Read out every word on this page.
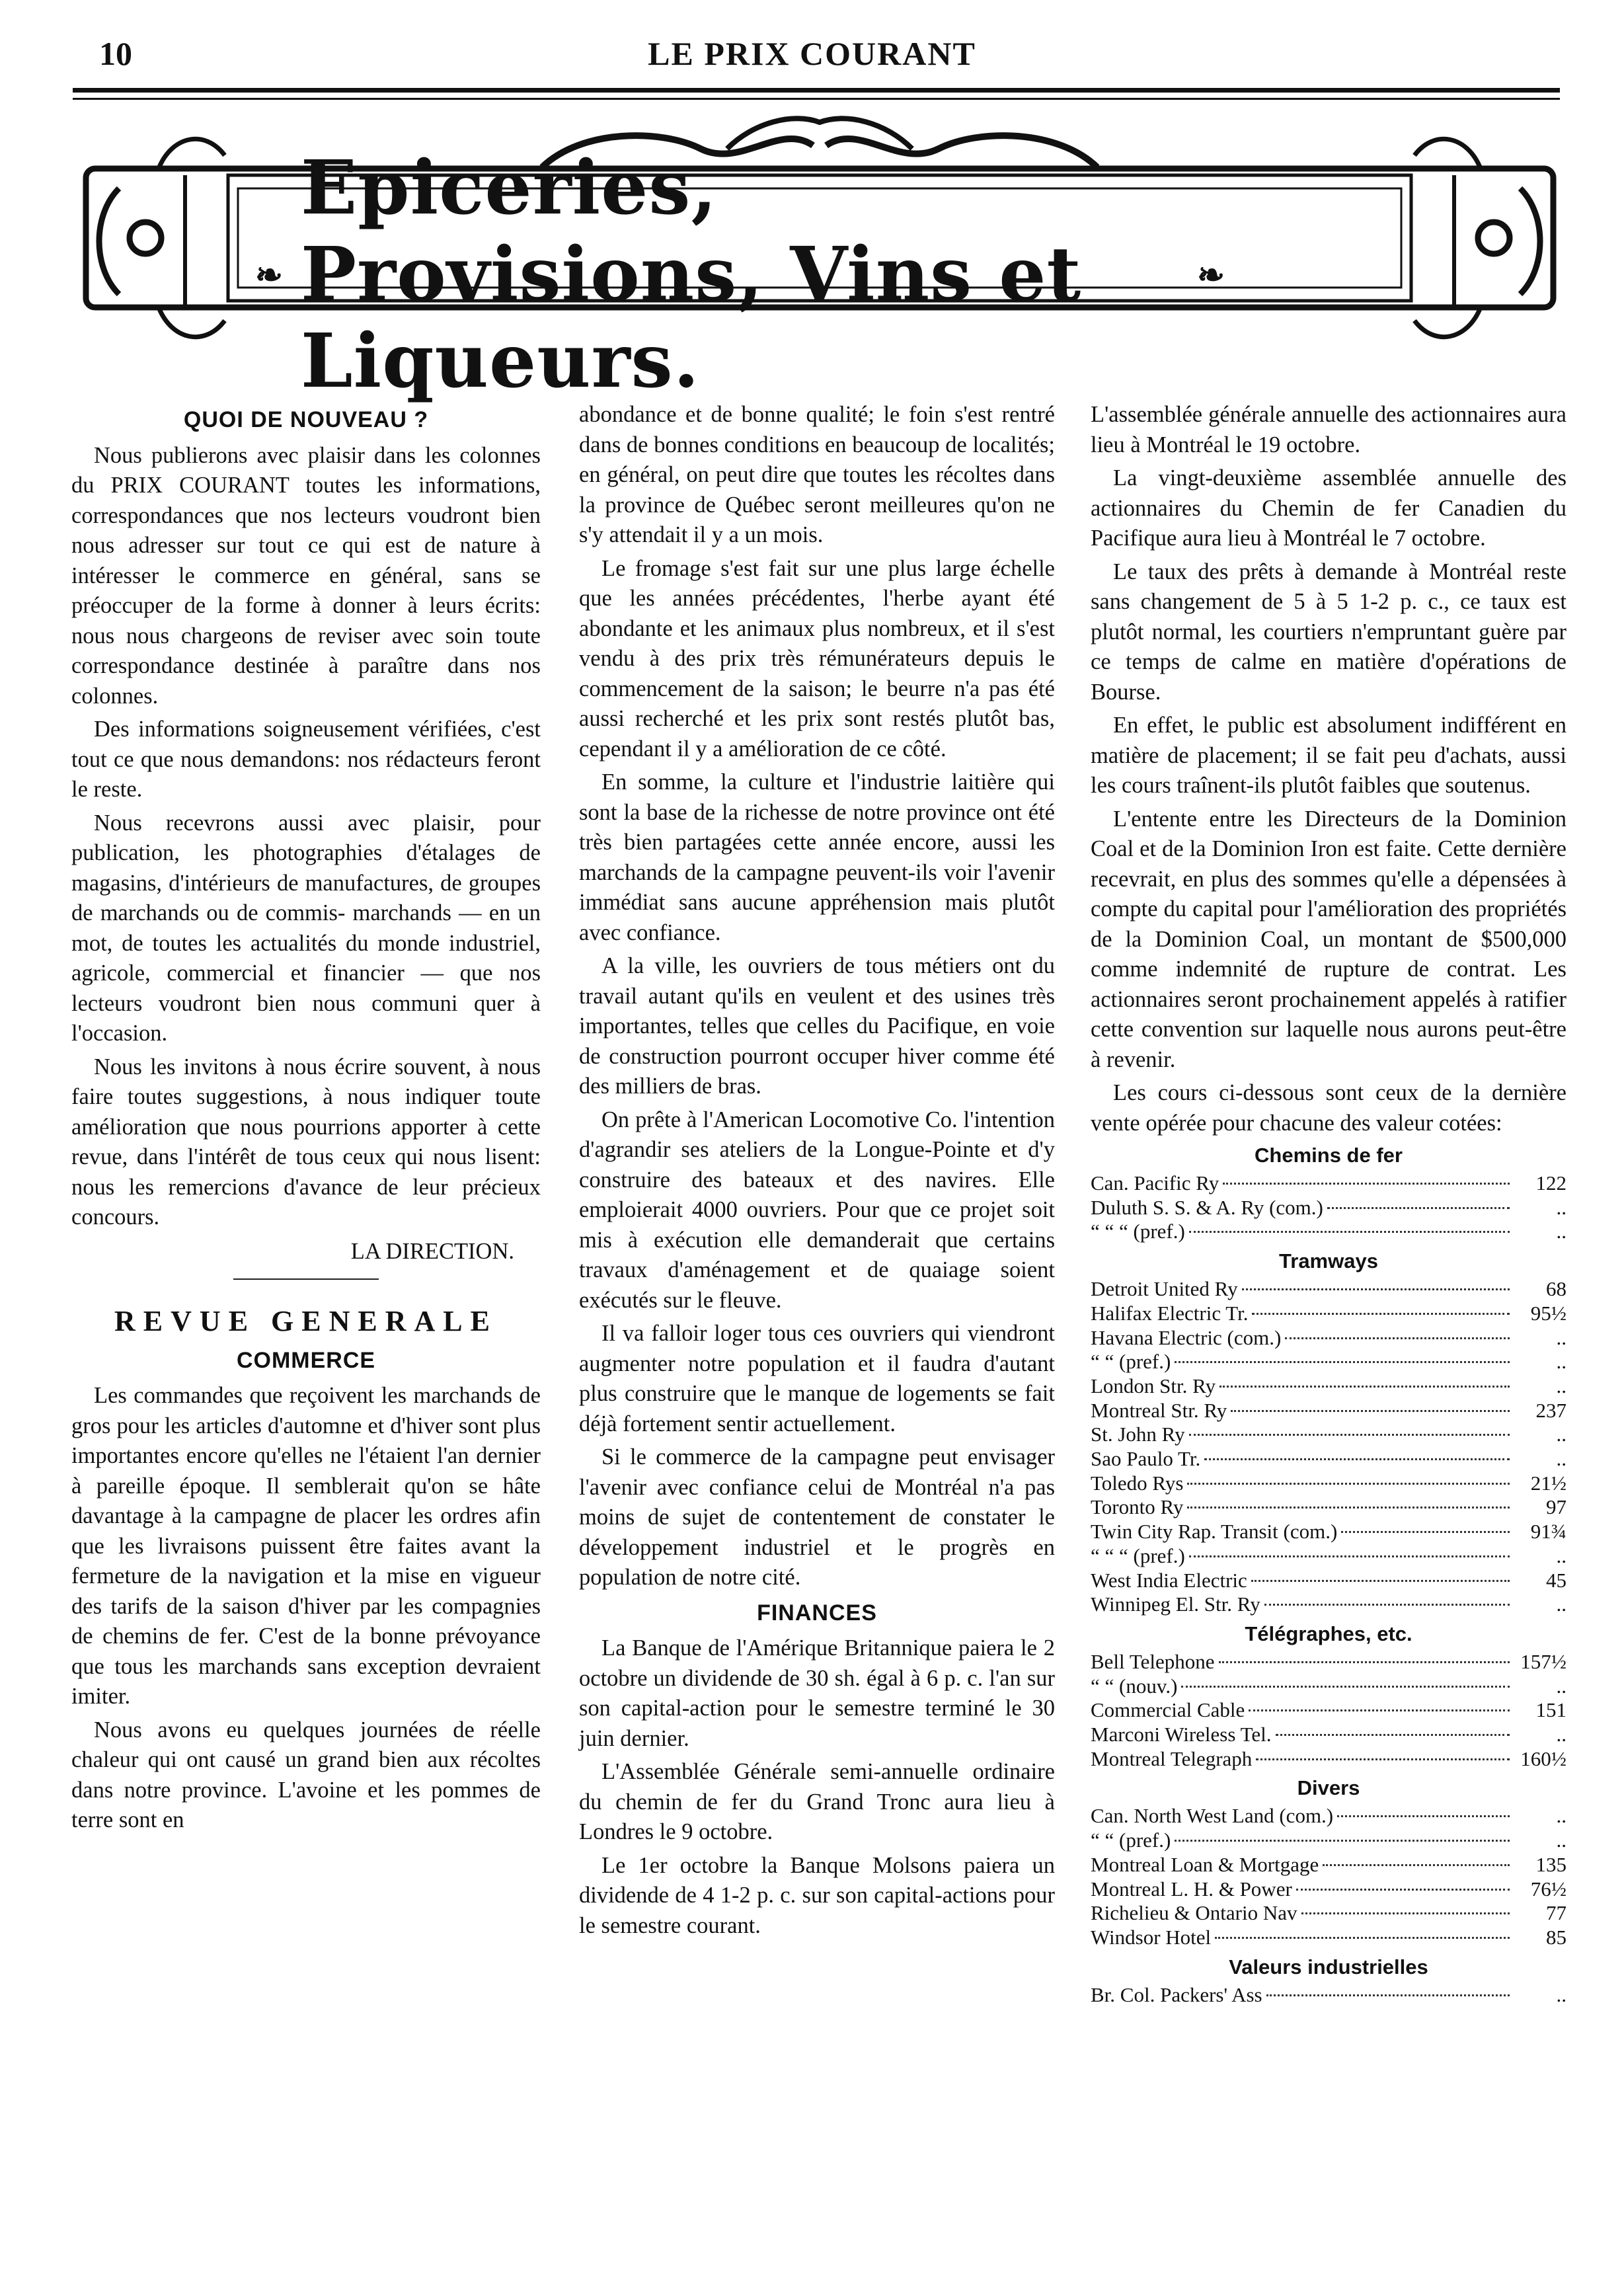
10	LE PRIX COURANT
❧
Epiceries, Provisions, Vins et Liqueurs.
❧
QUOI DE NOUVEAU ?

Nous publierons avec plaisir dans les colonnes du PRIX COURANT toutes les informations, correspondances que nos lecteurs voudront bien nous adresser sur tout ce qui est de nature à intéresser le commerce en général, sans se préoccuper de la forme à donner à leurs écrits: nous nous chargeons de reviser avec soin toute correspondance destinée à paraître dans nos colonnes.

Des informations soigneusement vérifiées, c'est tout ce que nous demandons: nos rédacteurs feront le reste.

Nous recevrons aussi avec plaisir, pour publication, les photographies d'étalages de magasins, d'intérieurs de manufactures, de groupes de marchands ou de commis- marchands — en un mot, de toutes les actualités du monde industriel, agricole, commercial et financier — que nos lecteurs voudront bien nous communi quer à l'occasion.

Nous les invitons à nous écrire souvent, à nous faire toutes suggestions, à nous indiquer toute amélioration que nous pourrions apporter à cette revue, dans l'intérêt de tous ceux qui nous lisent: nous les remercions d'avance de leur précieux concours.

LA DIRECTION.
REVUE GENERALE
COMMERCE

Les commandes que reçoivent les marchands de gros pour les articles d'automne et d'hiver sont plus importantes encore qu'elles ne l'étaient l'an dernier à pareille époque. Il semblerait qu'on se hâte davantage à la campagne de placer les ordres afin que les livraisons puissent être faites avant la fermeture de la navigation et la mise en vigueur des tarifs de la saison d'hiver par les compagnies de chemins de fer. C'est de la bonne prévoyance que tous les marchands sans exception devraient imiter.

Nous avons eu quelques journées de réelle chaleur qui ont causé un grand bien aux récoltes dans notre province. L'avoine et les pommes de terre sont en

abondance et de bonne qualité; le foin s'est rentré dans de bonnes conditions en beaucoup de localités; en général, on peut dire que toutes les récoltes dans la province de Québec seront meilleures qu'on ne s'y attendait il y a un mois.

Le fromage s'est fait sur une plus large échelle que les années précédentes, l'herbe ayant été abondante et les animaux plus nombreux, et il s'est vendu à des prix très rémunérateurs depuis le commencement de la saison; le beurre n'a pas été aussi recherché et les prix sont restés plutôt bas, cependant il y a amélioration de ce côté.

En somme, la culture et l'industrie laitière qui sont la base de la richesse de notre province ont été très bien partagées cette année encore, aussi les marchands de la campagne peuvent-ils voir l'avenir immédiat sans aucune appréhension mais plutôt avec confiance.

A la ville, les ouvriers de tous métiers ont du travail autant qu'ils en veulent et des usines très importantes, telles que celles du Pacifique, en voie de construction pourront occuper hiver comme été des milliers de bras.

On prête à l'American Locomotive Co. l'intention d'agrandir ses ateliers de la Longue-Pointe et d'y construire des bateaux et des navires. Elle emploierait 4000 ouvriers. Pour que ce projet soit mis à exécution elle demanderait que certains travaux d'aménagement et de quaiage soient exécutés sur le fleuve.

Il va falloir loger tous ces ouvriers qui viendront augmenter notre population et il faudra d'autant plus construire que le manque de logements se fait déjà fortement sentir actuellement.

Si le commerce de la campagne peut envisager l'avenir avec confiance celui de Montréal n'a pas moins de sujet de contentement de constater le développement industriel et le progrès en population de notre cité.

FINANCES

La Banque de l'Amérique Britannique paiera le 2 octobre un dividende de 30 sh. égal à 6 p. c. l'an sur son capital-action pour le semestre terminé le 30 juin dernier.

L'Assemblée Générale semi-annuelle ordinaire du chemin de fer du Grand Tronc aura lieu à Londres le 9 octobre.

Le 1er octobre la Banque Molsons paiera un dividende de 4 1-2 p. c. sur son capital-actions pour le semestre courant.

L'assemblée générale annuelle des actionnaires aura lieu à Montréal le 19 octobre.

La vingt-deuxième assemblée annuelle des actionnaires du Chemin de fer Canadien du Pacifique aura lieu à Montréal le 7 octobre.

Le taux des prêts à demande à Montréal reste sans changement de 5 à 5 1-2 p. c., ce taux est plutôt normal, les courtiers n'empruntant guère par ce temps de calme en matière d'opérations de Bourse.

En effet, le public est absolument indifférent en matière de placement; il se fait peu d'achats, aussi les cours traînent-ils plutôt faibles que soutenus.

L'entente entre les Directeurs de la Dominion Coal et de la Dominion Iron est faite. Cette dernière recevrait, en plus des sommes qu'elle a dépensées à compte du capital pour l'amélioration des propriétés de la Dominion Coal, un montant de $500,000 comme indemnité de rupture de contrat. Les actionnaires seront prochainement appelés à ratifier cette convention sur laquelle nous aurons peut-être à revenir.

Les cours ci-dessous sont ceux de la dernière vente opérée pour chacune des valeur cotées:

Chemins de fer
Can. Pacific Ry	122
Duluth S. S. & A. Ry (com.)	..
“ “ “ (pref.)	..
Tramways
Detroit United Ry	68
Halifax Electric Tr.	95½
Havana Electric (com.)	..
“ “ (pref.)	..
London Str. Ry	..
Montreal Str. Ry	237
St. John Ry	..
Sao Paulo Tr.	..
Toledo Rys	21½
Toronto Ry	97
Twin City Rap. Transit (com.)	91¾
“ “ “ (pref.)	..
West India Electric	45
Winnipeg El. Str. Ry	..
Télégraphes, etc.
Bell Telephone	157½
“ “ (nouv.)	..
Commercial Cable	151
Marconi Wireless Tel.	..
Montreal Telegraph	160½
Divers
Can. North West Land (com.)	..
“ “ (pref.)	..
Montreal Loan & Mortgage	135
Montreal L. H. & Power	76½
Richelieu & Ontario Nav	77
Windsor Hotel	85
Valeurs industrielles
Br. Col. Packers' Ass	..
